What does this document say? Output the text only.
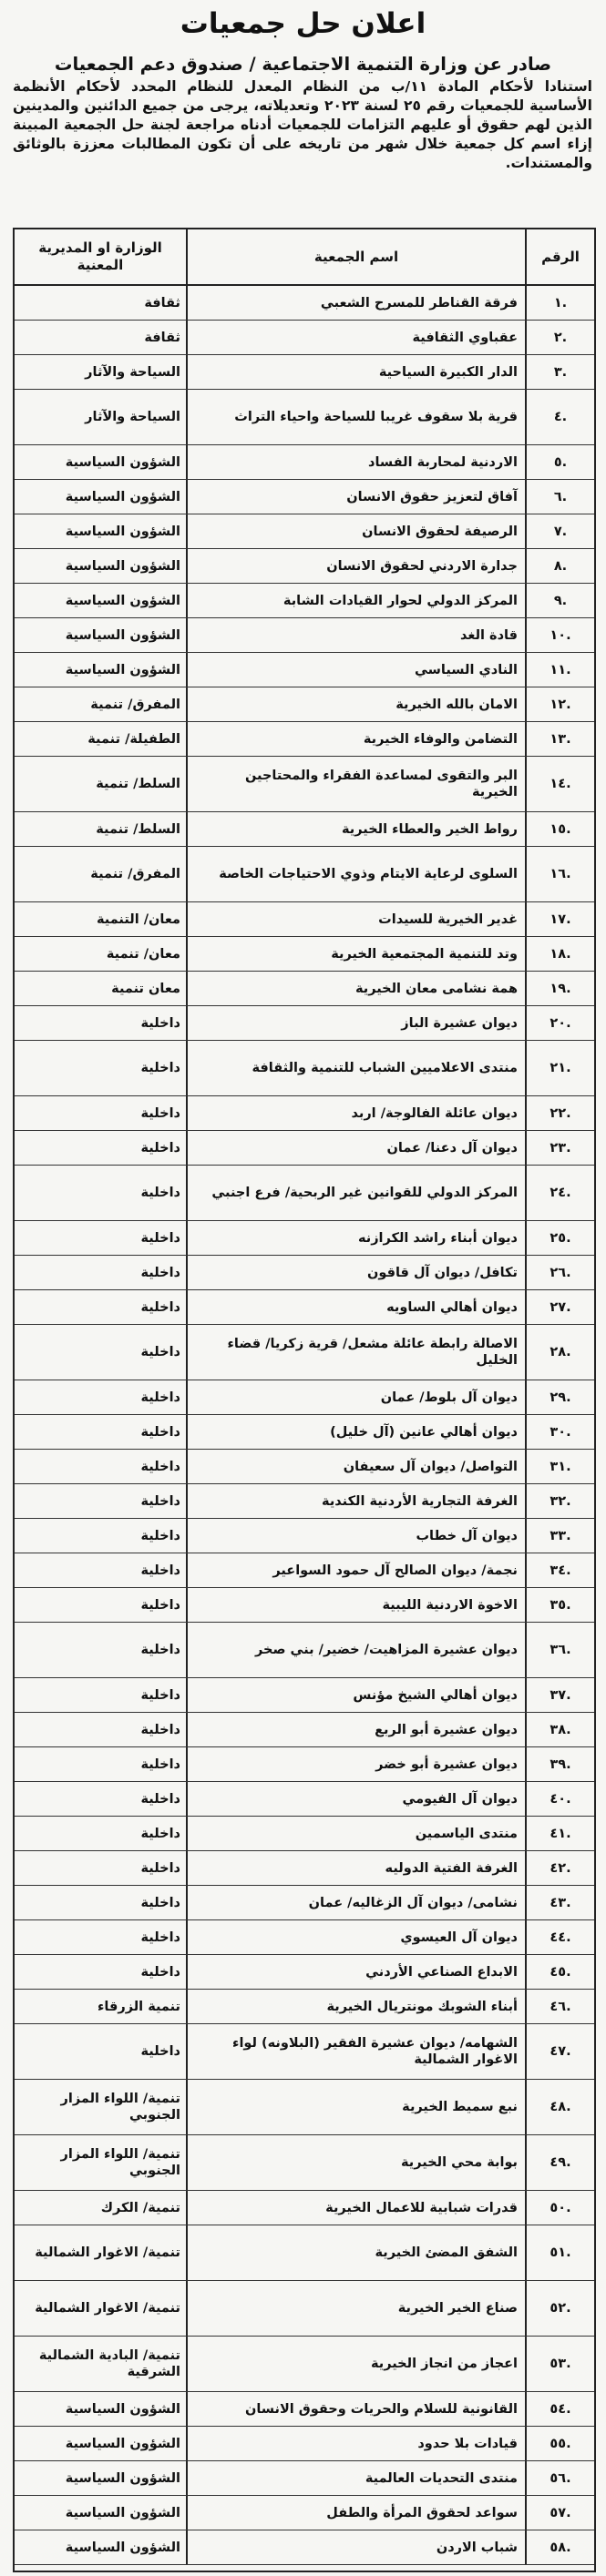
اعلان حل جمعيات
صادر عن وزارة التنمية الاجتماعية / صندوق دعم الجمعيات
استنادا لأحكام المادة ١١/ب من النظام المعدل للنظام المحدد لأحكام الأنظمة الأساسية للجمعيات رقم ٢٥ لسنة ٢٠٢٣ وتعديلاته، يرجى من جميع الدائنين والمدينين الذين لهم حقوق أو عليهم التزامات للجمعيات أدناه مراجعة لجنة حل الجمعية المبينة إزاء اسم كل جمعية خلال شهر من تاريخه على أن تكون المطالبات معززة بالوثائق والمستندات.
الرقم
اسم الجمعية
الوزارة او المديرية المعنية
.١
فرقة القناطر للمسرح الشعبي
ثقافة
.٢
عقباوي الثقافية
ثقافة
.٣
الدار الكبيرة السياحية
السياحة والآثار
.٤
قرية بلا سقوف غريبا للسياحة واحياء التراث
السياحة والآثار
.٥
الاردنية لمحاربة الفساد
الشؤون السياسية
.٦
آفاق لتعزيز حقوق الانسان
الشؤون السياسية
.٧
الرصيفة لحقوق الانسان
الشؤون السياسية
.٨
جدارة الاردني لحقوق الانسان
الشؤون السياسية
.٩
المركز الدولي لحوار القيادات الشابة
الشؤون السياسية
.١٠
قادة الغد
الشؤون السياسية
.١١
النادي السياسي
الشؤون السياسية
.١٢
الامان بالله الخيرية
المفرق/ تنمية
.١٣
التضامن والوفاء الخيرية
الطفيلة/ تنمية
.١٤
البر والتقوى لمساعدة الفقراء والمحتاجين الخيرية
السلط/ تنمية
.١٥
رواط الخير والعطاء الخيرية
السلط/ تنمية
.١٦
السلوى لرعاية الايتام وذوي الاحتياجات الخاصة
المفرق/ تنمية
.١٧
غدير الخيرية للسيدات
معان/ التنمية
.١٨
وتد للتنمية المجتمعية الخيرية
معان/ تنمية
.١٩
همة نشامى معان الخيرية
معان تنمية
.٢٠
ديوان عشيرة الباز
داخلية
.٢١
منتدى الاعلاميين الشباب للتنمية والثقافة
داخلية
.٢٢
ديوان عائلة الفالوجة/ اربد
داخلية
.٢٣
ديوان آل دعنا/ عمان
داخلية
.٢٤
المركز الدولي للقوانين غير الربحية/ فرع اجنبي
داخلية
.٢٥
ديوان أبناء راشد الكرازنه
داخلية
.٢٦
تكافل/ ديوان آل قاقون
داخلية
.٢٧
ديوان أهالي الساويه
داخلية
.٢٨
الاصالة رابطة عائلة مشعل/ قرية زكريا/ قضاء الخليل
داخلية
.٢٩
ديوان آل بلوط/ عمان
داخلية
.٣٠
ديوان أهالي عانين (آل خليل)
داخلية
.٣١
التواصل/ ديوان آل سعيفان
داخلية
.٣٢
الغرفة التجارية الأردنية الكندية
داخلية
.٣٣
ديوان آل خطاب
داخلية
.٣٤
نجمة/ ديوان الصالح آل حمود السواعير
داخلية
.٣٥
الاخوة الاردنية الليبية
داخلية
.٣٦
ديوان عشيرة المزاهيت/ خضير/ بني صخر
داخلية
.٣٧
ديوان أهالي الشيخ مؤنس
داخلية
.٣٨
ديوان عشيرة أبو الربع
داخلية
.٣٩
ديوان عشيرة أبو خضر
داخلية
.٤٠
ديوان آل الفيومي
داخلية
.٤١
منتدى الياسمين
داخلية
.٤٢
الغرفة الفتية الدوليه
داخلية
.٤٣
نشامى/ ديوان آل الزغاليه/ عمان
داخلية
.٤٤
ديوان آل العيسوي
داخلية
.٤٥
الابداع الصناعي الأردني
داخلية
.٤٦
أبناء الشوبك مونتريال الخيرية
تنمية الزرقاء
.٤٧
الشهامه/ ديوان عشيرة الفقير (البلاونه) لواء الاغوار الشمالية
داخلية
.٤٨
نبع سميط الخيرية
تنمية/ اللواء المزار الجنوبي
.٤٩
بوابة محي الخيرية
تنمية/ اللواء المزار الجنوبي
.٥٠
قدرات شبابية للاعمال الخيرية
تنمية/ الكرك
.٥١
الشفق المضئ الخيرية
تنمية/ الاغوار الشمالية
.٥٢
صناع الخير الخيرية
تنمية/ الاغوار الشمالية
.٥٣
اعجاز من انجاز الخيرية
تنمية/ البادية الشمالية الشرقية
.٥٤
القانونية للسلام والحريات وحقوق الانسان
الشؤون السياسية
.٥٥
قيادات بلا حدود
الشؤون السياسية
.٥٦
منتدى التحديات العالمية
الشؤون السياسية
.٥٧
سواعد لحقوق المرأة والطفل
الشؤون السياسية
.٥٨
شباب الاردن
الشؤون السياسية
